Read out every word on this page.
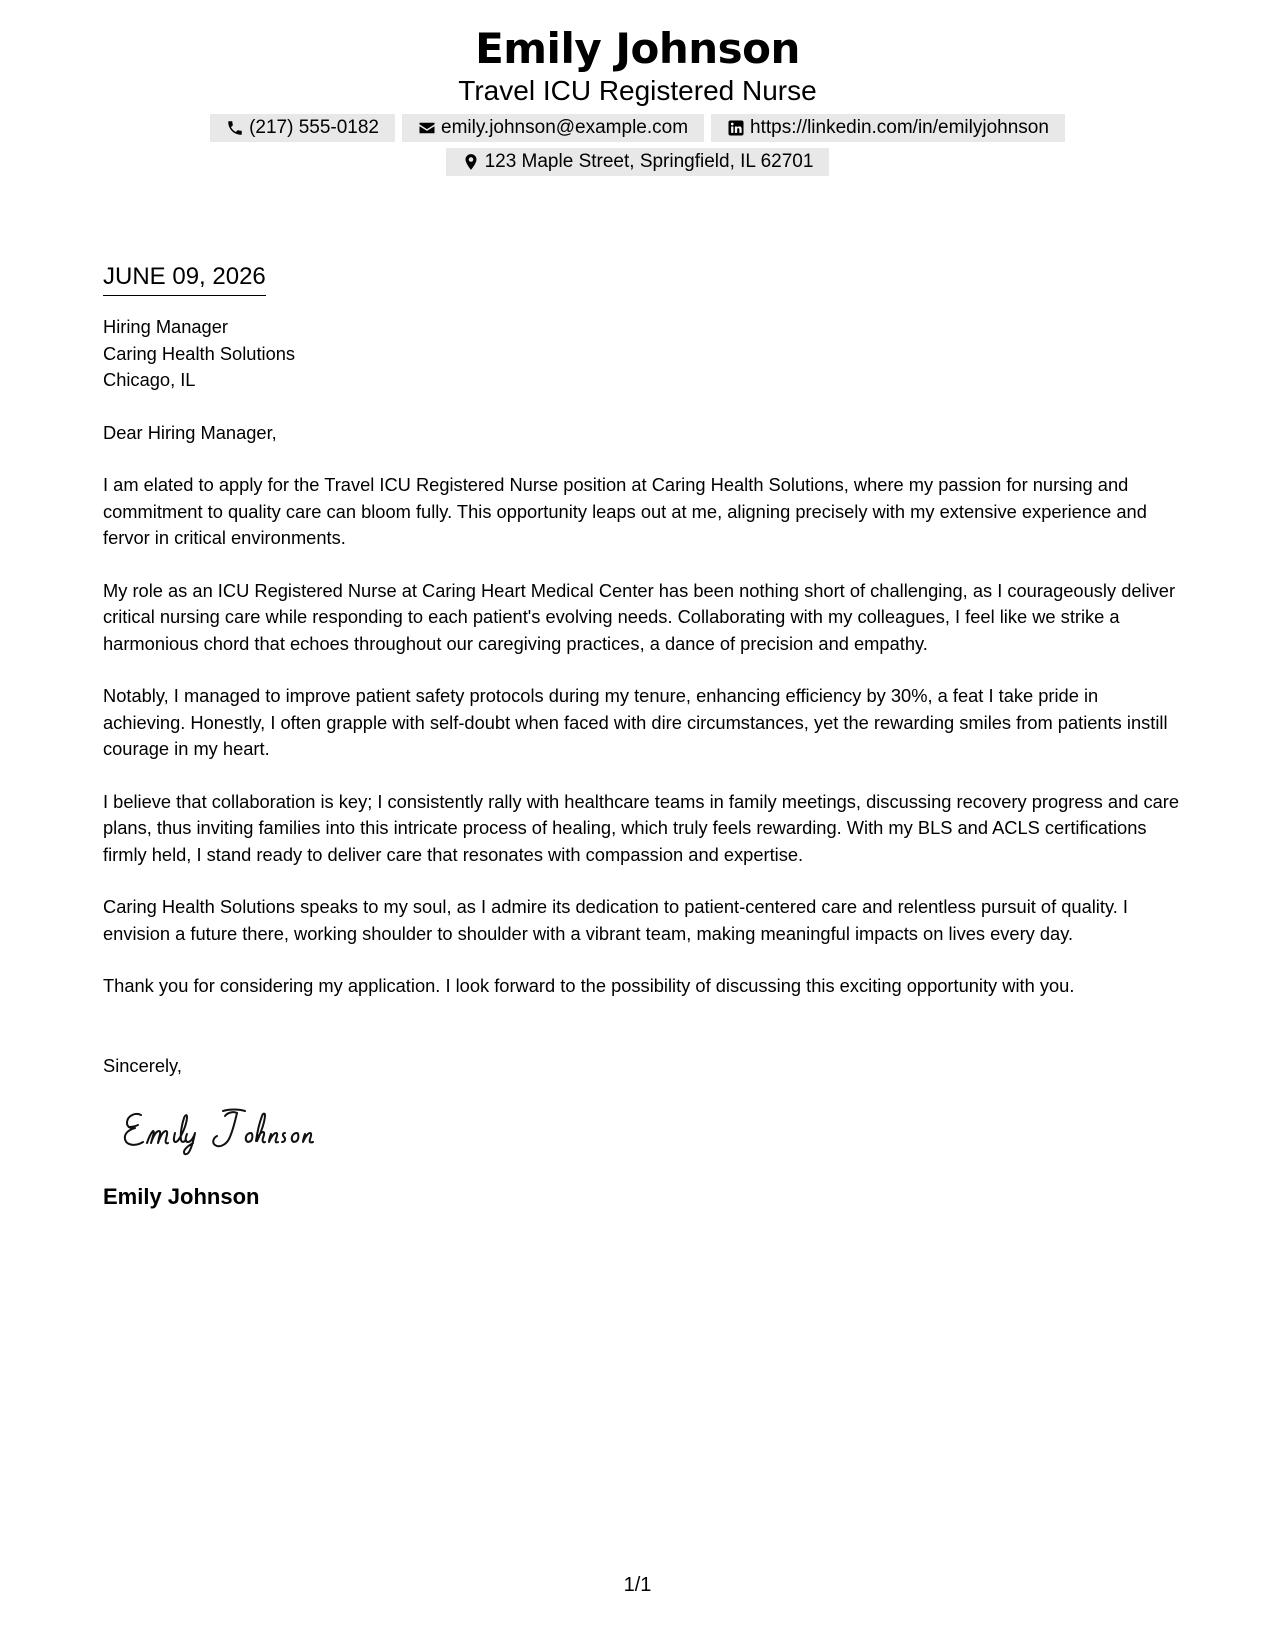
Emily Johnson
Travel ICU Registered Nurse
(217) 555-0182	emily.johnson@example.com	https://linkedin.com/in/emilyjohnson
123 Maple Street, Springfield, IL 62701
JUNE 09, 2026
Hiring Manager
Caring Health Solutions
Chicago, IL
Dear Hiring Manager,
I am elated to apply for the Travel ICU Registered Nurse position at Caring Health Solutions, where my passion for nursing and commitment to quality care can bloom fully. This opportunity leaps out at me, aligning precisely with my extensive experience and fervor in critical environments.
My role as an ICU Registered Nurse at Caring Heart Medical Center has been nothing short of challenging, as I courageously deliver critical nursing care while responding to each patient's evolving needs. Collaborating with my colleagues, I feel like we strike a harmonious chord that echoes throughout our caregiving practices, a dance of precision and empathy.
Notably, I managed to improve patient safety protocols during my tenure, enhancing efficiency by 30%, a feat I take pride in achieving. Honestly, I often grapple with self-doubt when faced with dire circumstances, yet the rewarding smiles from patients instill courage in my heart.
I believe that collaboration is key; I consistently rally with healthcare teams in family meetings, discussing recovery progress and care plans, thus inviting families into this intricate process of healing, which truly feels rewarding. With my BLS and ACLS certifications firmly held, I stand ready to deliver care that resonates with compassion and expertise.
Caring Health Solutions speaks to my soul, as I admire its dedication to patient-centered care and relentless pursuit of quality. I envision a future there, working shoulder to shoulder with a vibrant team, making meaningful impacts on lives every day.
Thank you for considering my application. I look forward to the possibility of discussing this exciting opportunity with you.
Sincerely,
Emily Johnson
1/1
